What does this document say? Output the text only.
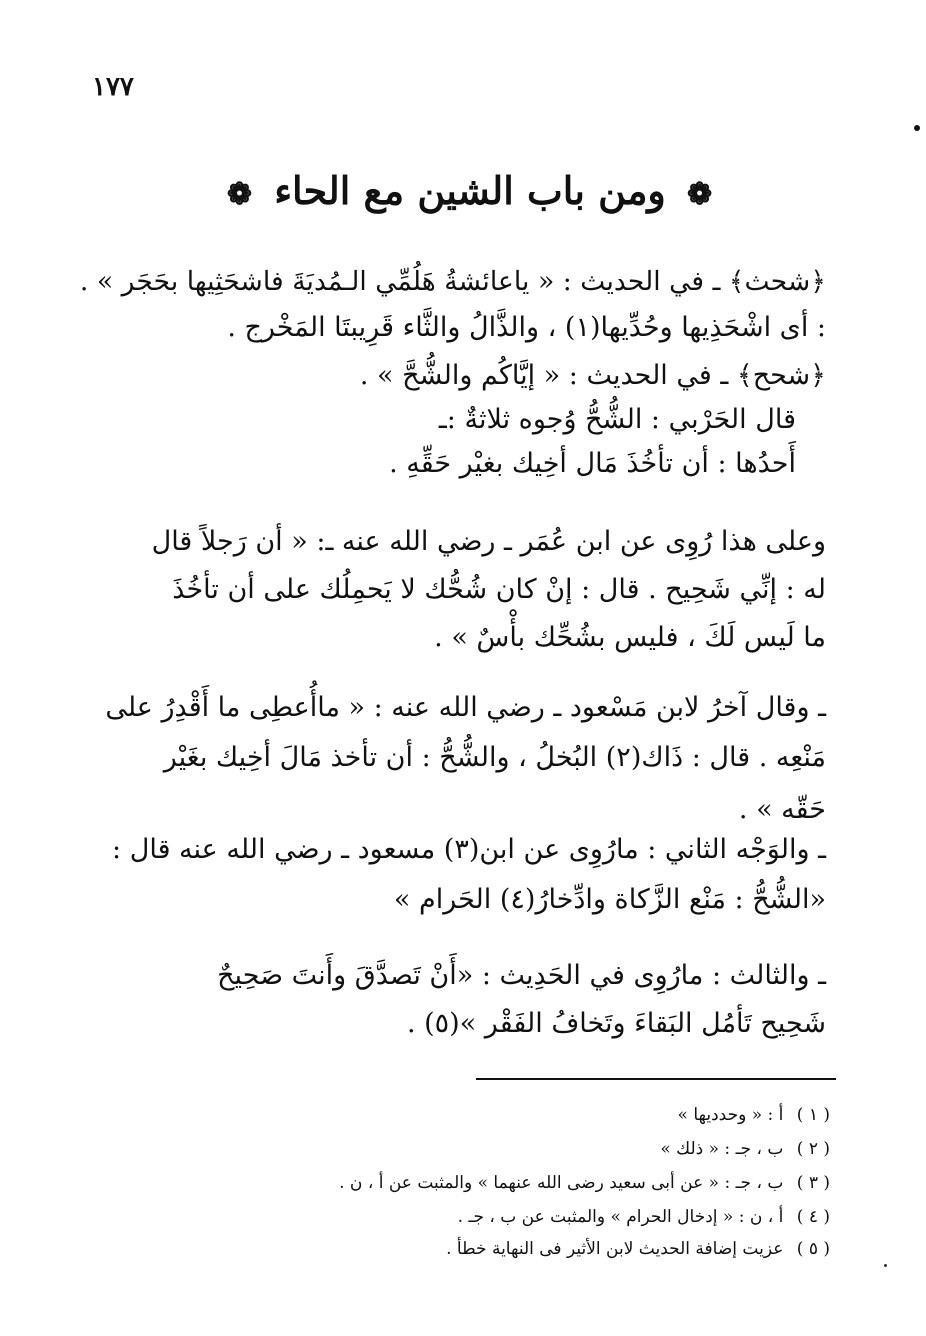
١٧٧
❁ ومن باب الشين مع الحاء ❁
﴿شحث﴾ ـ في الحديث : « ياعائشةُ هَلُمِّي الـمُديَةَ فاشحَثِيها بحَجَر » .
: أى اشْحَذِيها وحُدِّيها(١) ، والذَّالُ والثَّاء قَرِيبتَا المَخْرج .
﴿شحح﴾ ـ في الحديث : « إيَّاكُم والشُّحَّ » .
قال الحَرْبي : الشُّحُّ وُجوه ثلاثةٌ :ـ
أَحدُها : أن تأخُذَ مَال أخِيك بغيْر حَقِّهِ .
وعلى هذا رُوِى عن ابن عُمَر ـ رضي الله عنه ـ: « أن رَجلاً قال
له : إنِّي شَحِيح . قال : إنْ كان شُحُّك لا يَحمِلُك على أن تأخُذَ
ما لَيس لَكَ ، فليس بشُحِّك بأْسٌ » .
ـ وقال آخرُ لابن مَسْعود ـ رضي الله عنه : « ماأُعطِى ما أَقْدِرُ على
مَنْعِه . قال : ذَاك(٢) البُخلُ ، والشُّحُّ : أن تأخذ مَالَ أخِيك بغَيْر
حَقّه » .
ـ والوَجْه الثاني : مارُوِى عن ابن(٣) مسعود ـ رضي الله عنه قال :
«الشُّحُّ : مَنْع الزَّكاة وادِّخارُ(٤) الحَرام »
ـ والثالث : مارُوِى في الحَدِيث : «أَنْ تَصدَّقَ وأَنتَ صَحِيحٌ
شَحِيح تَأمُل البَقاءَ وتَخافُ الفَقْر »(٥) .
( ١ ) أ : « وحدديها »
( ٢ ) ب ، جـ : « ذلك »
( ٣ ) ب ، جـ : « عن أبى سعيد رضى الله عنهما » والمثبت عن أ ، ن .
( ٤ ) أ ، ن : « إدخال الحرام » والمثبت عن ب ، جـ .
( ٥ ) عزيت إضافة الحديث لابن الأثير فى النهاية خطأ .
